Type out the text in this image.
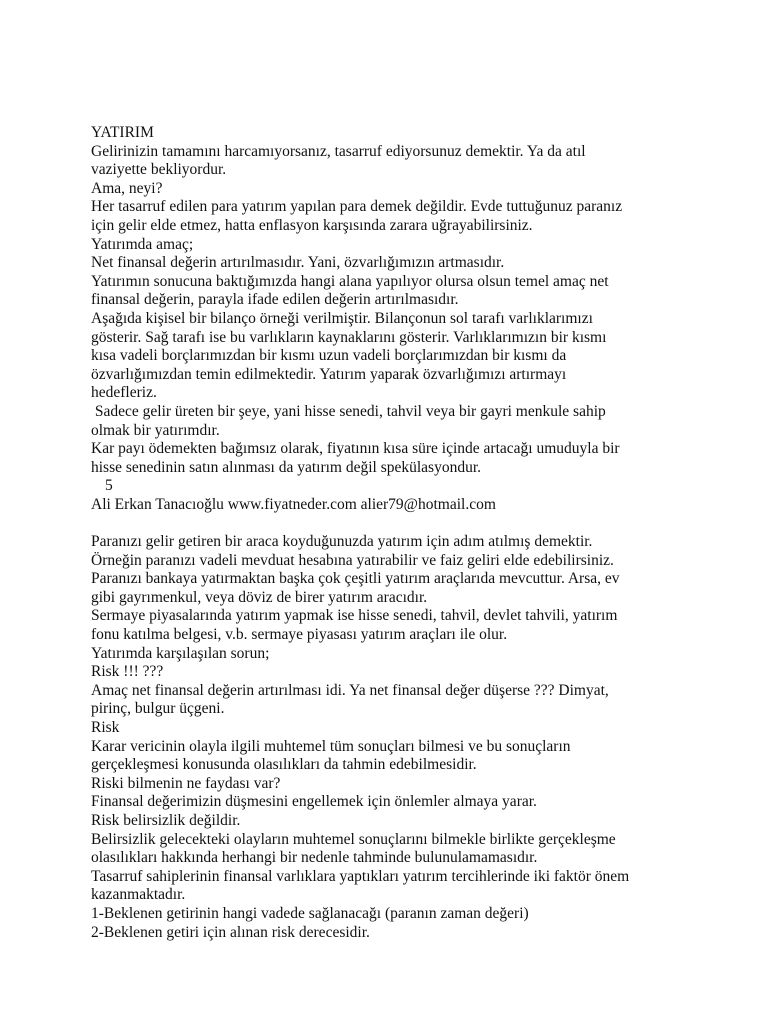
YATIRIM
Gelirinizin tamamını harcamıyorsanız, tasarruf ediyorsunuz demektir. Ya da atıl
vaziyette bekliyordur.
Ama, neyi?
Her tasarruf edilen para yatırım yapılan para demek değildir. Evde tuttuğunuz paranız
için gelir elde etmez, hatta enflasyon karşısında zarara uğrayabilirsiniz.
Yatırımda amaç;
Net finansal değerin artırılmasıdır. Yani, özvarlığımızın artmasıdır.
Yatırımın sonucuna baktığımızda hangi alana yapılıyor olursa olsun temel amaç net
finansal değerin, parayla ifade edilen değerin artırılmasıdır.
Aşağıda kişisel bir bilanço örneği verilmiştir. Bilançonun sol tarafı varlıklarımızı
gösterir. Sağ tarafı ise bu varlıkların kaynaklarını gösterir. Varlıklarımızın bir kısmı
kısa vadeli borçlarımızdan bir kısmı uzun vadeli borçlarımızdan bir kısmı da
özvarlığımızdan temin edilmektedir. Yatırım yaparak özvarlığımızı artırmayı
hedefleriz.
Sadece gelir üreten bir şeye, yani hisse senedi, tahvil veya bir gayri menkule sahip
olmak bir yatırımdır.
Kar payı ödemekten bağımsız olarak, fiyatının kısa süre içinde artacağı umuduyla bir
hisse senedinin satın alınması da yatırım değil spekülasyondur.
5
Ali Erkan Tanacıoğlu www.fiyatneder.com alier79@hotmail.com
Paranızı gelir getiren bir araca koyduğunuzda yatırım için adım atılmış demektir.
Örneğin paranızı vadeli mevduat hesabına yatırabilir ve faiz geliri elde edebilirsiniz.
Paranızı bankaya yatırmaktan başka çok çeşitli yatırım araçlarıda mevcuttur. Arsa, ev
gibi gayrımenkul, veya döviz de birer yatırım aracıdır.
Sermaye piyasalarında yatırım yapmak ise hisse senedi, tahvil, devlet tahvili, yatırım
fonu katılma belgesi, v.b. sermaye piyasası yatırım araçları ile olur.
Yatırımda karşılaşılan sorun;
Risk !!! ???
Amaç net finansal değerin artırılması idi. Ya net finansal değer düşerse ??? Dimyat,
pirinç, bulgur üçgeni.
Risk
Karar vericinin olayla ilgili muhtemel tüm sonuçları bilmesi ve bu sonuçların
gerçekleşmesi konusunda olasılıkları da tahmin edebilmesidir.
Riski bilmenin ne faydası var?
Finansal değerimizin düşmesini engellemek için önlemler almaya yarar.
Risk belirsizlik değildir.
Belirsizlik gelecekteki olayların muhtemel sonuçlarını bilmekle birlikte gerçekleşme
olasılıkları hakkında herhangi bir nedenle tahminde bulunulamamasıdır.
Tasarruf sahiplerinin finansal varlıklara yaptıkları yatırım tercihlerinde iki faktör önem
kazanmaktadır.
1-Beklenen getirinin hangi vadede sağlanacağı (paranın zaman değeri)
2-Beklenen getiri için alınan risk derecesidir.
